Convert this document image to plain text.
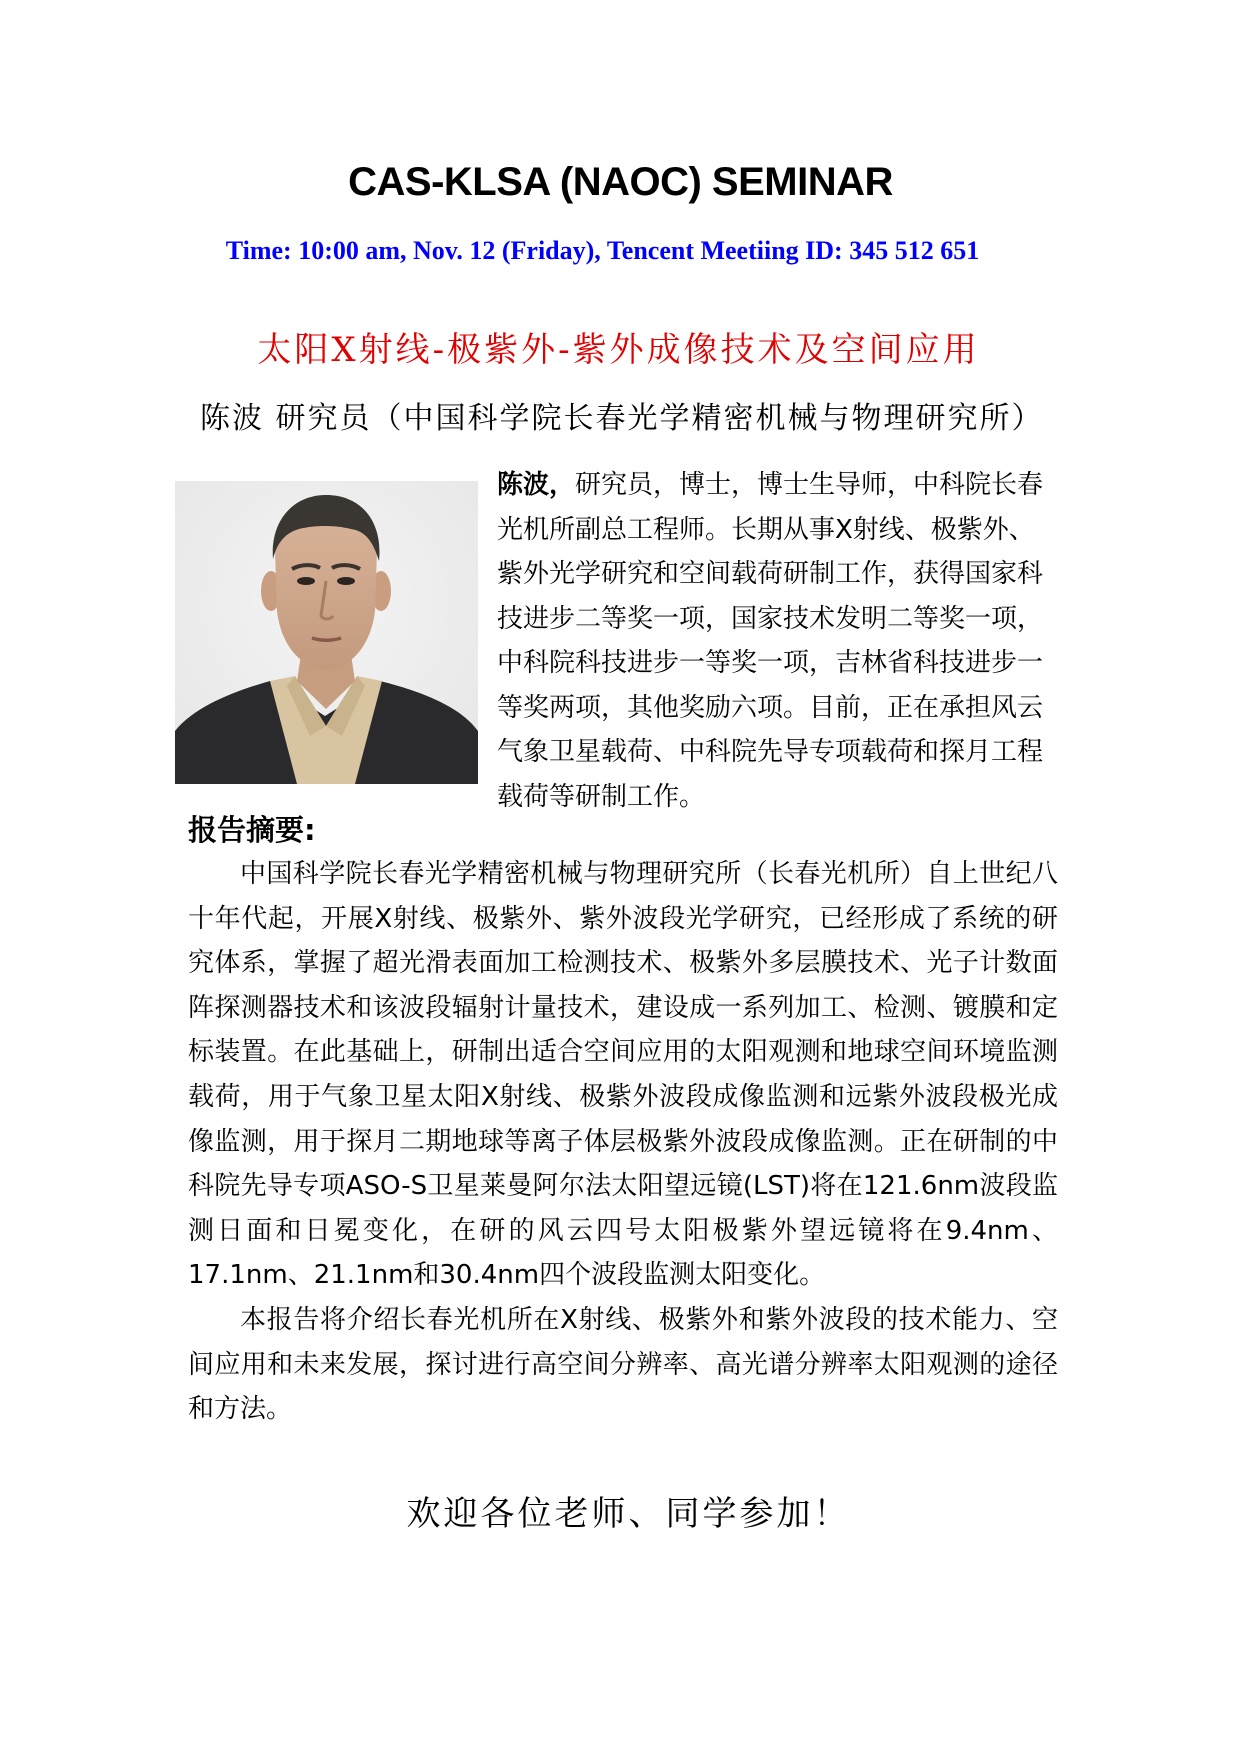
CAS-KLSA (NAOC) SEMINAR
Time: 10:00 am, Nov. 12 (Friday), Tencent Meetiing ID: 345 512 651
太阳X射线-极紫外-紫外成像技术及空间应用
陈波 研究员（中国科学院长春光学精密机械与物理研究所）
陈波，研究员，博士，博士生导师，中科院长春光机所副总工程师。长期从事X射线、极紫外、紫外光学研究和空间载荷研制工作，获得国家科技进步二等奖一项，国家技术发明二等奖一项，中科院科技进步一等奖一项，吉林省科技进步一等奖两项，其他奖励六项。目前，正在承担风云气象卫星载荷、中科院先导专项载荷和探月工程载荷等研制工作。
报告摘要:

中国科学院长春光学精密机械与物理研究所（长春光机所）自上世纪八十年代起，开展X射线、极紫外、紫外波段光学研究，已经形成了系统的研究体系，掌握了超光滑表面加工检测技术、极紫外多层膜技术、光子计数面阵探测器技术和该波段辐射计量技术，建设成一系列加工、检测、镀膜和定标装置。在此基础上，研制出适合空间应用的太阳观测和地球空间环境监测载荷，用于气象卫星太阳X射线、极紫外波段成像监测和远紫外波段极光成像监测，用于探月二期地球等离子体层极紫外波段成像监测。正在研制的中科院先导专项ASO-S卫星莱曼阿尔法太阳望远镜(LST)将在121.6nm波段监测日面和日冕变化，在研的风云四号太阳极紫外望远镜将在9.4nm、17.1nm、21.1nm和30.4nm四个波段监测太阳变化。

本报告将介绍长春光机所在X射线、极紫外和紫外波段的技术能力、空间应用和未来发展，探讨进行高空间分辨率、高光谱分辨率太阳观测的途径和方法。

欢迎各位老师、同学参加！
